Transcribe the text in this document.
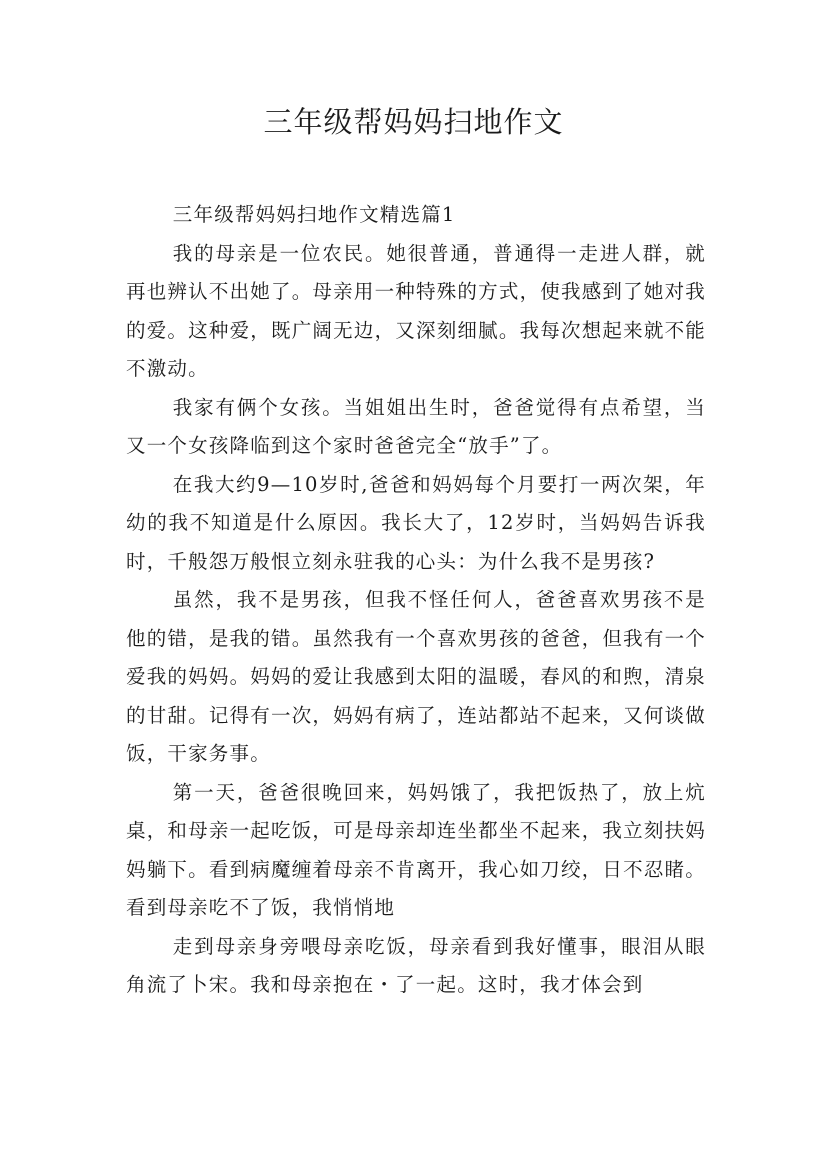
三年级帮妈妈扫地作文

三年级帮妈妈扫地作文精选篇1

我的母亲是一位农民。她很普通，普通得一走进人群，就再也辨认不出她了。母亲用一种特殊的方式，使我感到了她对我的爱。这种爱，既广阔无边，又深刻细腻。我每次想起来就不能不激动。

我家有俩个女孩。当姐姐出生时，爸爸觉得有点希望，当又一个女孩降临到这个家时爸爸完全“放手”了。

在我大约9—10岁时,爸爸和妈妈每个月要打一两次架，年幼的我不知道是什么原因。我长大了，12岁时，当妈妈告诉我时，千般怨万般恨立刻永驻我的心头：为什么我不是男孩?

虽然，我不是男孩，但我不怪任何人，爸爸喜欢男孩不是他的错，是我的错。虽然我有一个喜欢男孩的爸爸，但我有一个爱我的妈妈。妈妈的爱让我感到太阳的温暖，春风的和煦，清泉的甘甜。记得有一次，妈妈有病了，连站都站不起来，又何谈做饭，干家务事。

第一天，爸爸很晚回来，妈妈饿了，我把饭热了，放上炕桌，和母亲一起吃饭，可是母亲却连坐都坐不起来，我立刻扶妈妈躺下。看到病魔缠着母亲不肯离开，我心如刀绞，日不忍睹。看到母亲吃不了饭，我悄悄地

走到母亲身旁喂母亲吃饭，母亲看到我好懂事，眼泪从眼角流了卜宋。我和母亲抱在・了一起。这时，我才体会到
